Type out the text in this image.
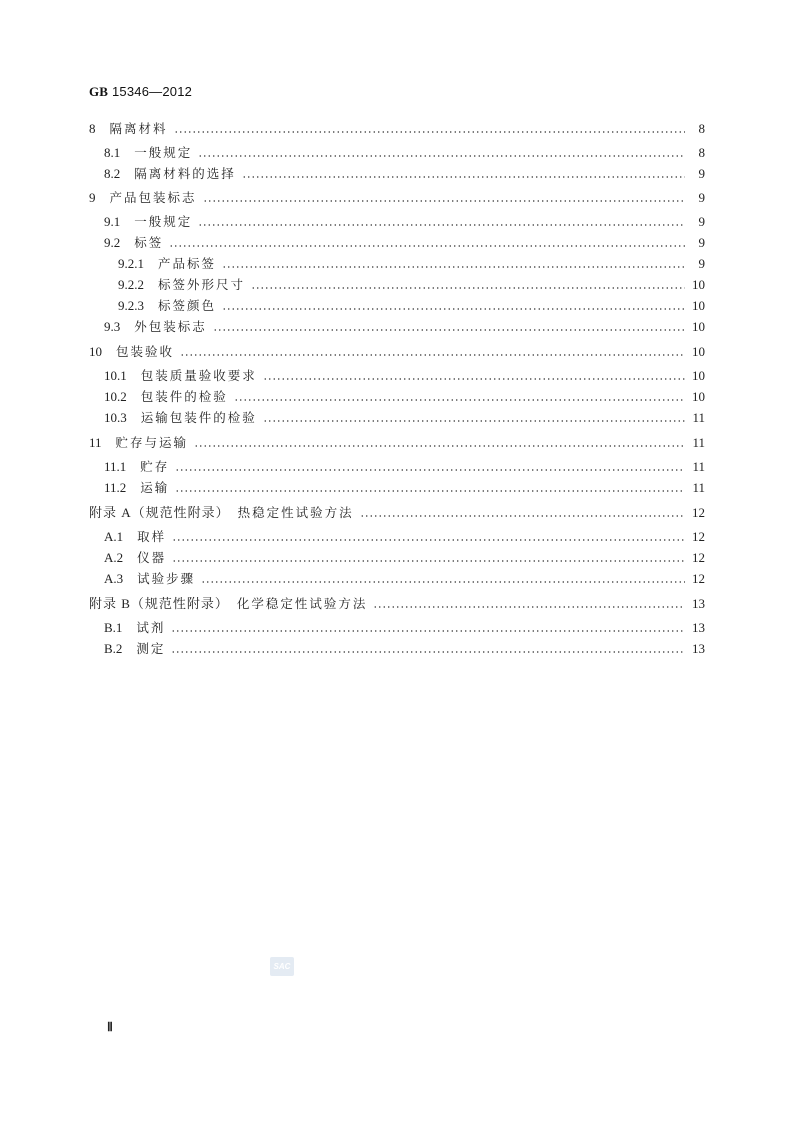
GB 15346—2012
8 隔离材料	8
8.1 一般规定	8
8.2 隔离材料的选择	9
9 产品包装标志	9
9.1 一般规定	9
9.2 标签	9
9.2.1 产品标签	9
9.2.2 标签外形尺寸	10
9.2.3 标签颜色	10
9.3 外包装标志	10
10 包装验收	10
10.1 包装质量验收要求	10
10.2 包装件的检验	10
10.3 运输包装件的检验	11
11 贮存与运输	11
11.1 贮存	11
11.2 运输	11
附录 A（规范性附录） 热稳定性试验方法	12
A.1 取样	12
A.2 仪器	12
A.3 试验步骤	12
附录 B（规范性附录） 化学稳定性试验方法	13
B.1 试剂	13
B.2 测定	13
SAC
Ⅱ
